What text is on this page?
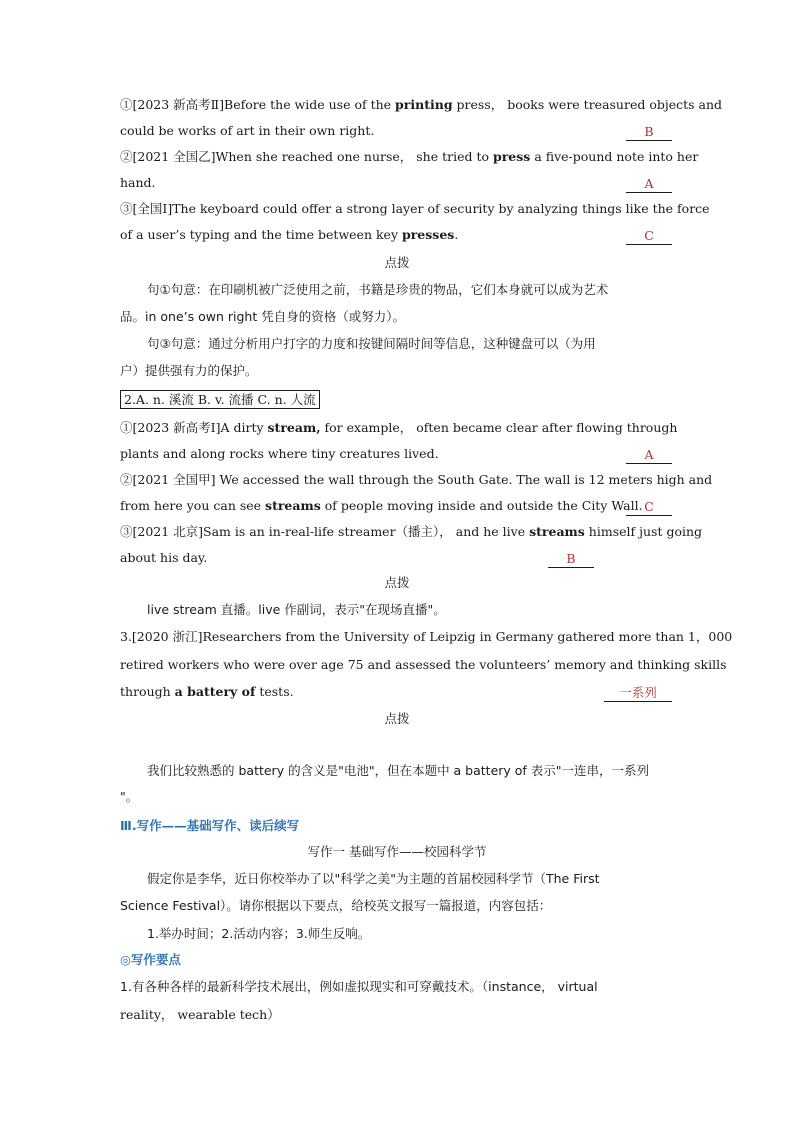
①[2023 新高考Ⅱ]Before the wide use of the printing press， books were treasured objects and
could be works of art in their own right.	B
②[2021 全国乙]When she reached one nurse， she tried to press a five-pound note into her
hand.	A
③[全国Ⅰ]The keyboard could offer a strong layer of security by analyzing things like the force
of a user’s typing and the time between key presses.	C
点拨
句①句意：在印刷机被广泛使用之前，书籍是珍贵的物品，它们本身就可以成为艺术
品。in one’s own right 凭自身的资格（或努力）。
句③句意：通过分析用户打字的力度和按键间隔时间等信息，这种键盘可以（为用
户）提供强有力的保护。
2.A. n. 溪流 B. v. 流播 C. n. 人流
①[2023 新高考Ⅰ]A dirty stream, for example， often became clear after flowing through
plants and along rocks where tiny creatures lived.	A
②[2021 全国甲] We accessed the wall through the South Gate. The wall is 12 meters high and
from here you can see streams of people moving inside and outside the City Wall. C
③[2021 北京]Sam is an in-real-life streamer（播主）， and he live streams himself just going
about his day.	B
点拨
live stream 直播。live 作副词，表示"在现场直播"。
3.[2020 浙江]Researchers from the University of Leipzig in Germany gathered more than 1，000
retired workers who were over age 75 and assessed the volunteers’ memory and thinking skills
through a battery of tests.	一系列
点拨
我们比较熟悉的 battery 的含义是"电池"，但在本题中 a battery of 表示"一连串，一系列
"。
Ⅲ.写作——基础写作、读后续写
写作一 基础写作——校园科学节
假定你是李华，近日你校举办了以"科学之美"为主题的首届校园科学节（The First
Science Festival）。请你根据以下要点，给校英文报写一篇报道，内容包括：
1.举办时间；2.活动内容；3.师生反响。
◎写作要点
1.有各种各样的最新科学技术展出，例如虚拟现实和可穿戴技术。（instance， virtual
reality， wearable tech）
